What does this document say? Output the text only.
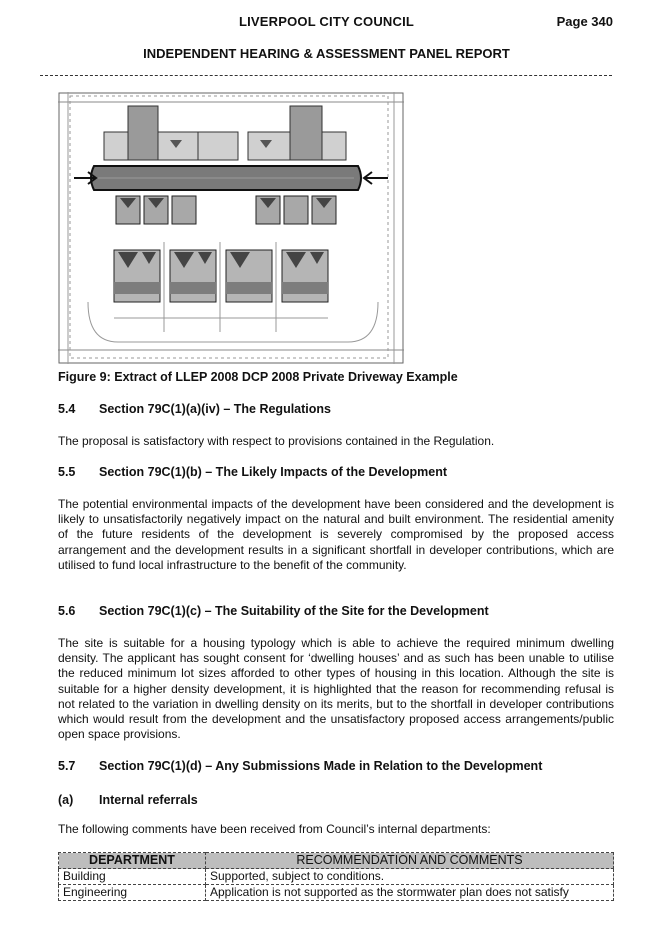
LIVERPOOL CITY COUNCIL	Page 340
INDEPENDENT HEARING & ASSESSMENT PANEL REPORT
Figure 9: Extract of LLEP 2008 DCP 2008 Private Driveway Example
5.4 Section 79C(1)(a)(iv) – The Regulations

The proposal is satisfactory with respect to provisions contained in the Regulation.

5.5 Section 79C(1)(b) – The Likely Impacts of the Development

The potential environmental impacts of the development have been considered and the development is likely to unsatisfactorily negatively impact on the natural and built environment. The residential amenity of the future residents of the development is severely compromised by the proposed access arrangement and the development results in a significant shortfall in developer contributions, which are utilised to fund local infrastructure to the benefit of the community.

5.6 Section 79C(1)(c) – The Suitability of the Site for the Development

The site is suitable for a housing typology which is able to achieve the required minimum dwelling density. The applicant has sought consent for ‘dwelling houses’ and as such has been unable to utilise the reduced minimum lot sizes afforded to other types of housing in this location. Although the site is suitable for a higher density development, it is highlighted that the reason for recommending refusal is not related to the variation in dwelling density on its merits, but to the shortfall in developer contributions which would result from the development and the unsatisfactory proposed access arrangements/public open space provisions.

5.7 Section 79C(1)(d) – Any Submissions Made in Relation to the Development
(a) Internal referrals

The following comments have been received from Council’s internal departments:

DEPARTMENT	RECOMMENDATION AND COMMENTS
Building	Supported, subject to conditions.
Engineering	Application is not supported as the stormwater plan does not satisfy
